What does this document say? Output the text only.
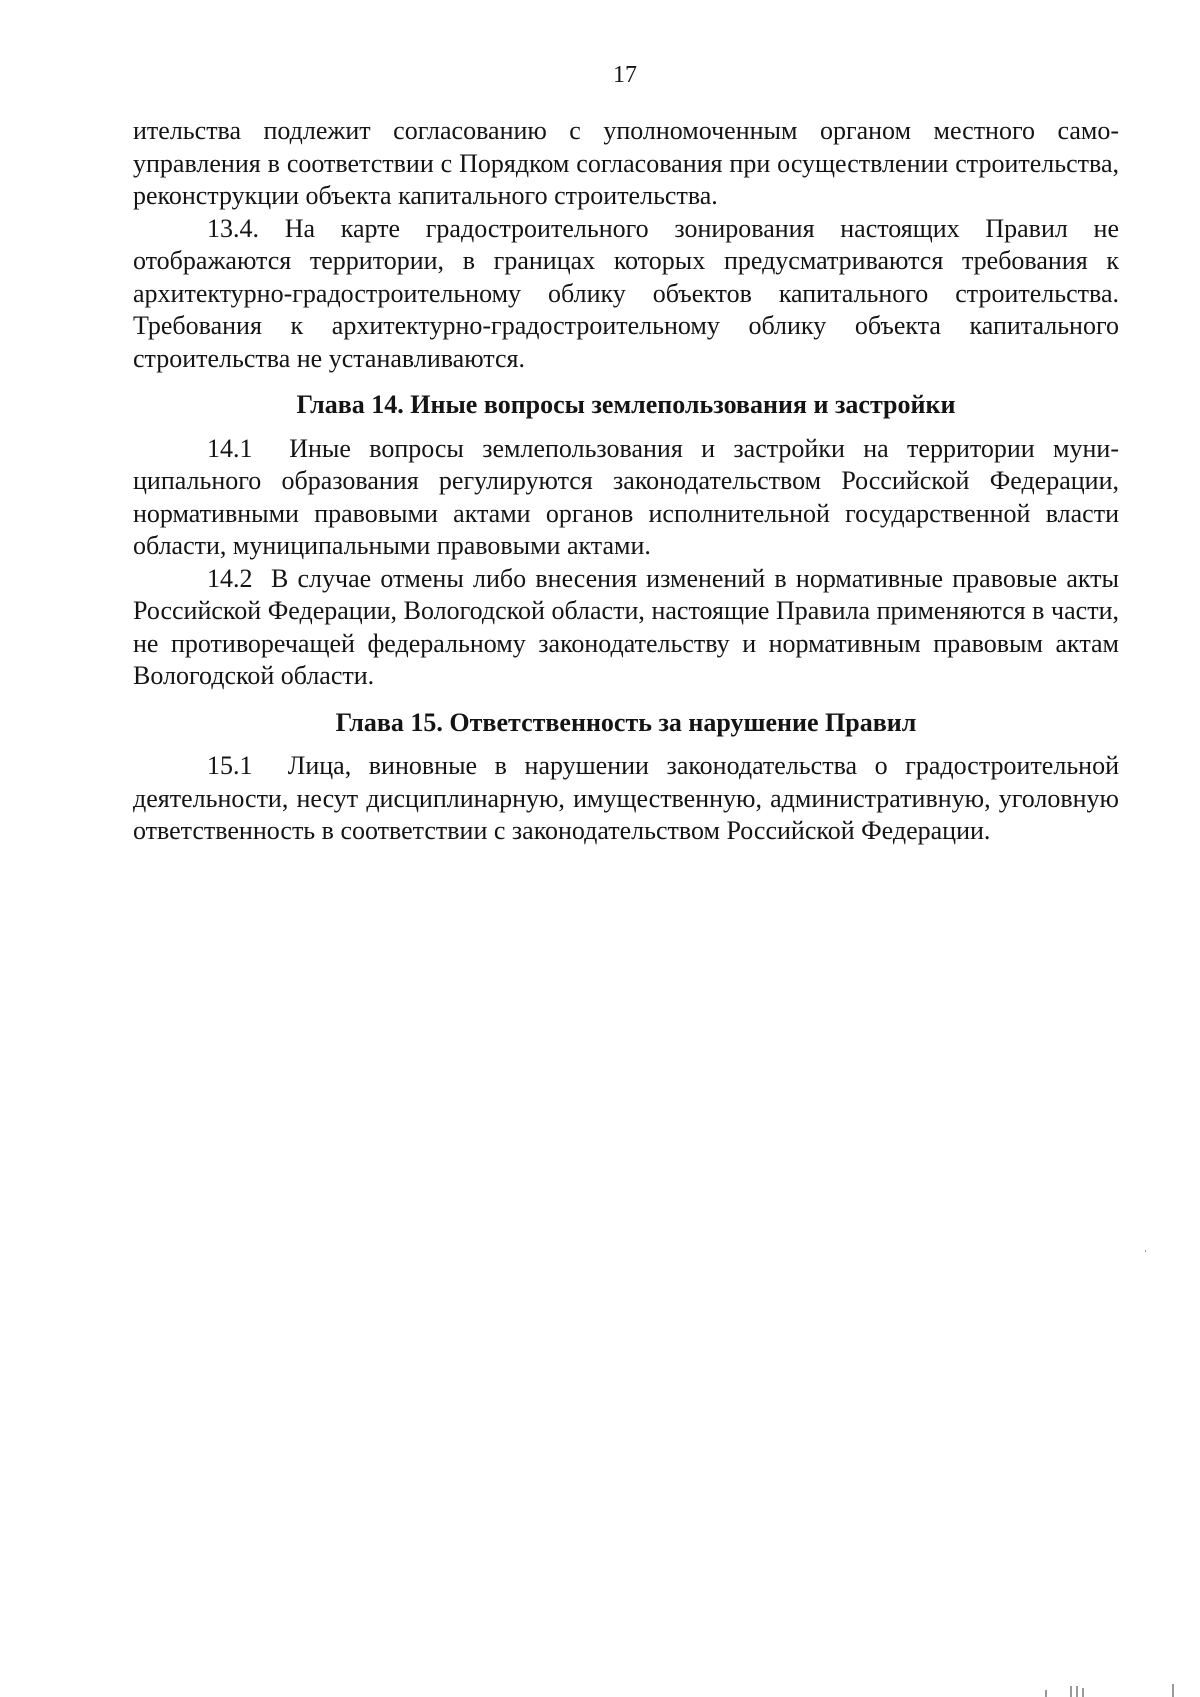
17

ительства подлежит согласованию с уполномоченным органом местного самоуправления в соответствии с Порядком согласования при осуществлении строительства, реконструкции объекта капитального строительства.

13.4. На карте градостроительного зонирования настоящих Правил не отображаются территории, в границах которых предусматриваются требования к архитектурно-градостроительному облику объектов капитального строительства. Требования к архитектурно-градостроительному облику объекта капитального строительства не устанавливаются.

Глава 14. Иные вопросы землепользования и застройки

14.1 Иные вопросы землепользования и застройки на территории муниципального образования регулируются законодательством Российской Федерации, нормативными правовыми актами органов исполнительной государственной власти области, муниципальными правовыми актами.

14.2 В случае отмены либо внесения изменений в нормативные правовые акты Российской Федерации, Вологодской области, настоящие Правила применяются в части, не противоречащей федеральному законодательству и нормативным правовым актам Вологодской области.

Глава 15. Ответственность за нарушение Правил

15.1 Лица, виновные в нарушении законодательства о градостроительной деятельности, несут дисциплинарную, имущественную, административную, уголовную ответственность в соответствии с законодательством Российской Федерации.
